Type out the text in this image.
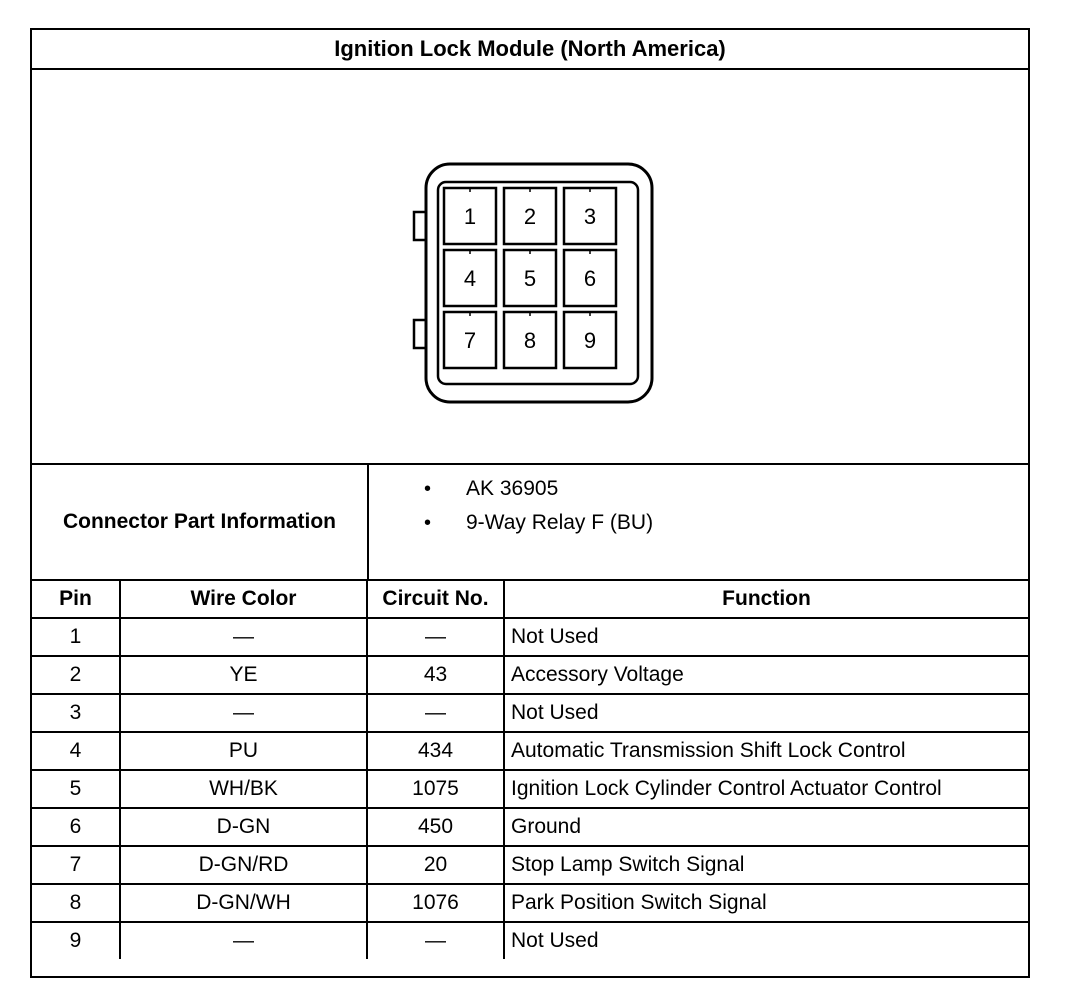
Ignition Lock Module (North America)
1 2 3
4 5 6
7 8 9
Connector Part Information
•	AK 36905
•	9-Way Relay F (BU)
Pin	Wire Color	Circuit No.	Function
1	—	—	Not Used
2	YE	43	Accessory Voltage
3	—	—	Not Used
4	PU	434	Automatic Transmission Shift Lock Control
5	WH/BK	1075	Ignition Lock Cylinder Control Actuator Control
6	D-GN	450	Ground
7	D-GN/RD	20	Stop Lamp Switch Signal
8	D-GN/WH	1076	Park Position Switch Signal
9	—	—	Not Used
